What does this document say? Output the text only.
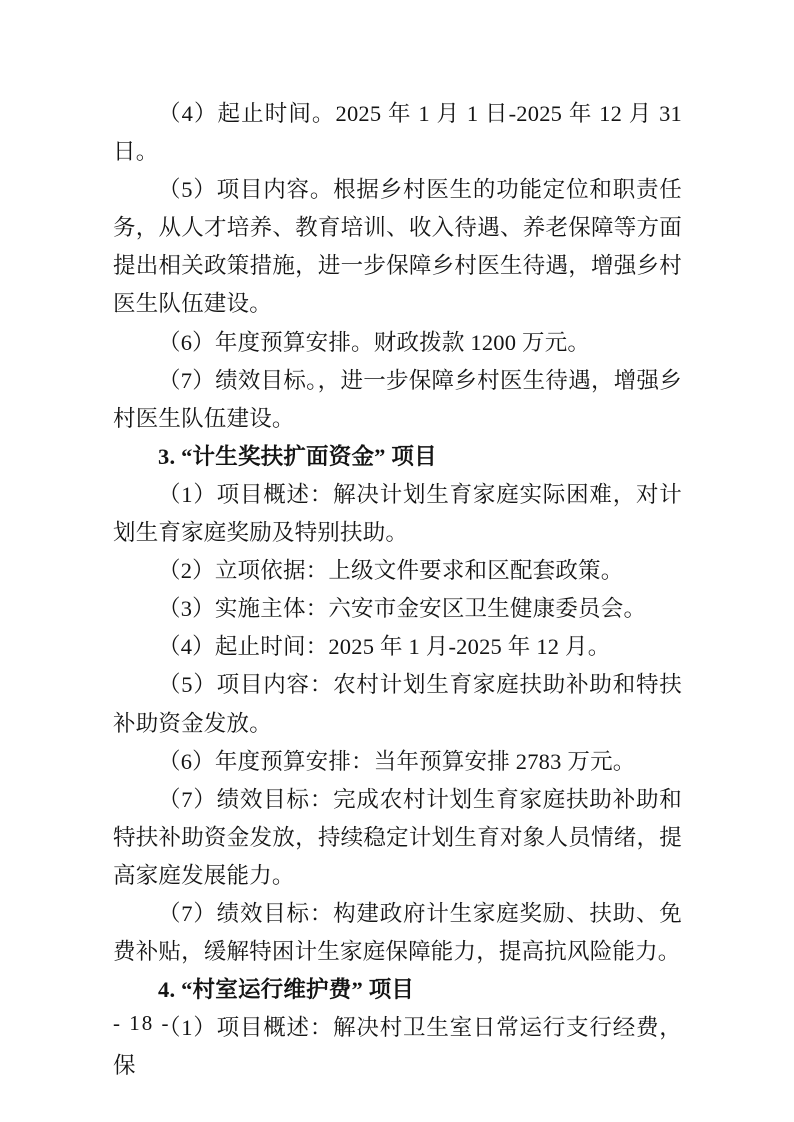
（4）起止时间。2025 年 1 月 1 日-2025 年 12 月 31 日。

（5）项目内容。根据乡村医生的功能定位和职责任务，从人才培养、教育培训、收入待遇、养老保障等方面提出相关政策措施，进一步保障乡村医生待遇，增强乡村医生队伍建设。

（6）年度预算安排。财政拨款 1200 万元。

（7）绩效目标。，进一步保障乡村医生待遇，增强乡村医生队伍建设。

3. “计生奖扶扩面资金” 项目

（1）项目概述：解决计划生育家庭实际困难，对计划生育家庭奖励及特别扶助。

（2）立项依据：上级文件要求和区配套政策。

（3）实施主体：六安市金安区卫生健康委员会。

（4）起止时间：2025 年 1 月-2025 年 12 月。

（5）项目内容：农村计划生育家庭扶助补助和特扶补助资金发放。

（6）年度预算安排：当年预算安排 2783 万元。

（7）绩效目标：完成农村计划生育家庭扶助补助和特扶补助资金发放，持续稳定计划生育对象人员情绪，提高家庭发展能力。

（7）绩效目标：构建政府计生家庭奖励、扶助、免费补贴，缓解特困计生家庭保障能力，提高抗风险能力。

4. “村室运行维护费” 项目

（1）项目概述：解决村卫生室日常运行支行经费，保

- 18 -
